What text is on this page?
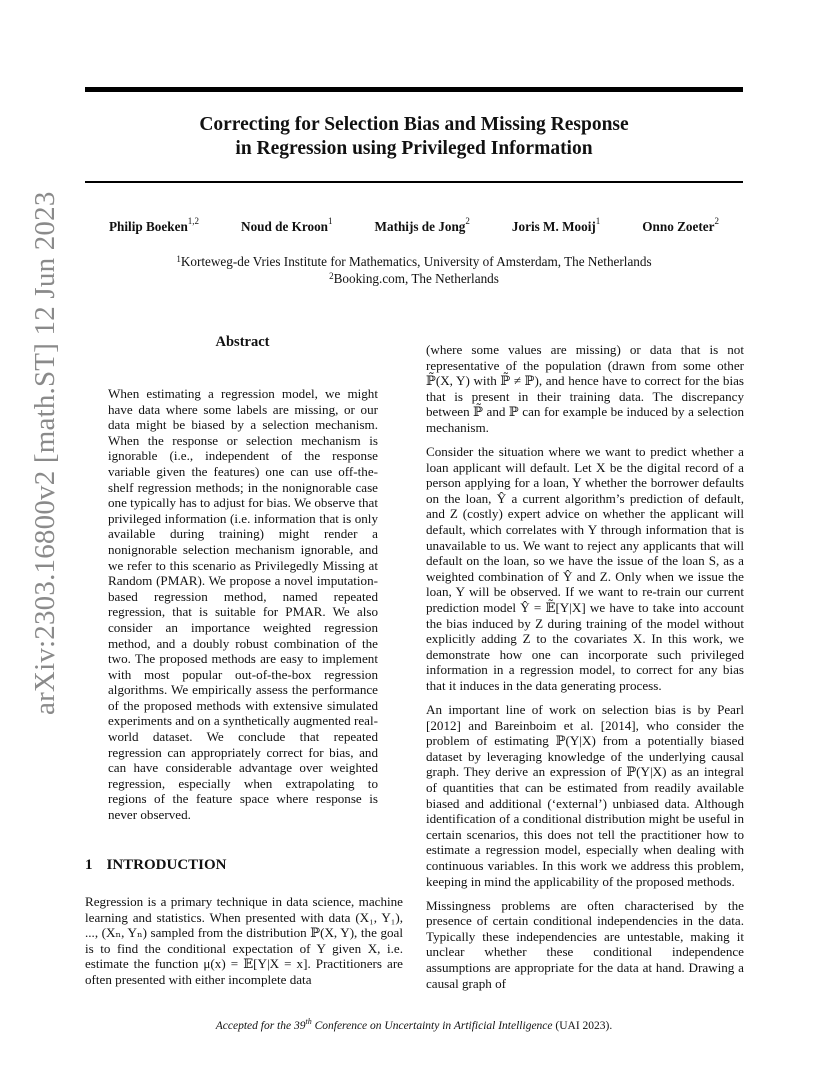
arXiv:2303.16800v2 [math.ST] 12 Jun 2023
Correcting for Selection Bias and Missing Response
in Regression using Privileged Information
Philip Boeken$^{1,2}$	Noud de Kroon$^1$	Mathijs de Jong$^2$	Joris M. Mooij$^1$	Onno Zoeter$^2$
$^1$Korteweg-de Vries Institute for Mathematics, University of Amsterdam, The Netherlands
$^2$Booking.com, The Netherlands
Abstract

When estimating a regression model, we might have data where some labels are missing, or our data might be biased by a selection mechanism. When the response or selection mechanism is ignorable (i.e., independent of the response variable given the features) one can use off-the-shelf regression methods; in the nonignorable case one typically has to adjust for bias. We observe that privileged information (i.e. information that is only available during training) might render a nonignorable selection mechanism ignorable, and we refer to this scenario as Privilegedly Missing at Random (PMAR). We propose a novel imputation-based regression method, named repeated regression, that is suitable for PMAR. We also consider an importance weighted regression method, and a doubly robust combination of the two. The proposed methods are easy to implement with most popular out-of-the-box regression algorithms. We empirically assess the performance of the proposed methods with extensive simulated experiments and on a synthetically augmented real-world dataset. We conclude that repeated regression can appropriately correct for bias, and can have considerable advantage over weighted regression, especially when extrapolating to regions of the feature space where response is never observed.

1 INTRODUCTION

Regression is a primary technique in data science, machine learning and statistics. When presented with data (X₁, Y₁), ..., (Xₙ, Yₙ) sampled from the distribution ℙ(X, Y), the goal is to find the conditional expectation of Y given X, i.e. estimate the function μ(x) = 𝔼[Y|X = x]. Practitioners are often presented with either incomplete data

(where some values are missing) or data that is not representative of the population (drawn from some other ℙ̃(X, Y) with ℙ̃ ≠ ℙ), and hence have to correct for the bias that is present in their training data. The discrepancy between ℙ̃ and ℙ can for example be induced by a selection mechanism.

Consider the situation where we want to predict whether a loan applicant will default. Let X be the digital record of a person applying for a loan, Y whether the borrower defaults on the loan, Ŷ a current algorithm’s prediction of default, and Z (costly) expert advice on whether the applicant will default, which correlates with Y through information that is unavailable to us. We want to reject any applicants that will default on the loan, so we have the issue of the loan S, as a weighted combination of Ŷ and Z. Only when we issue the loan, Y will be observed. If we want to re-train our current prediction model Ŷ = 𝔼̃[Y|X] we have to take into account the bias induced by Z during training of the model without explicitly adding Z to the covariates X. In this work, we demonstrate how one can incorporate such privileged information in a regression model, to correct for any bias that it induces in the data generating process.

An important line of work on selection bias is by Pearl [2012] and Bareinboim et al. [2014], who consider the problem of estimating ℙ(Y|X) from a potentially biased dataset by leveraging knowledge of the underlying causal graph. They derive an expression of ℙ(Y|X) as an integral of quantities that can be estimated from readily available biased and additional (‘external’) unbiased data. Although identification of a conditional distribution might be useful in certain scenarios, this does not tell the practitioner how to estimate a regression model, especially when dealing with continuous variables. In this work we address this problem, keeping in mind the applicability of the proposed methods.

Missingness problems are often characterised by the presence of certain conditional independencies in the data. Typically these independencies are untestable, making it unclear whether these conditional independence assumptions are appropriate for the data at hand. Drawing a causal graph of

Accepted for the 39th Conference on Uncertainty in Artificial Intelligence (UAI 2023).
